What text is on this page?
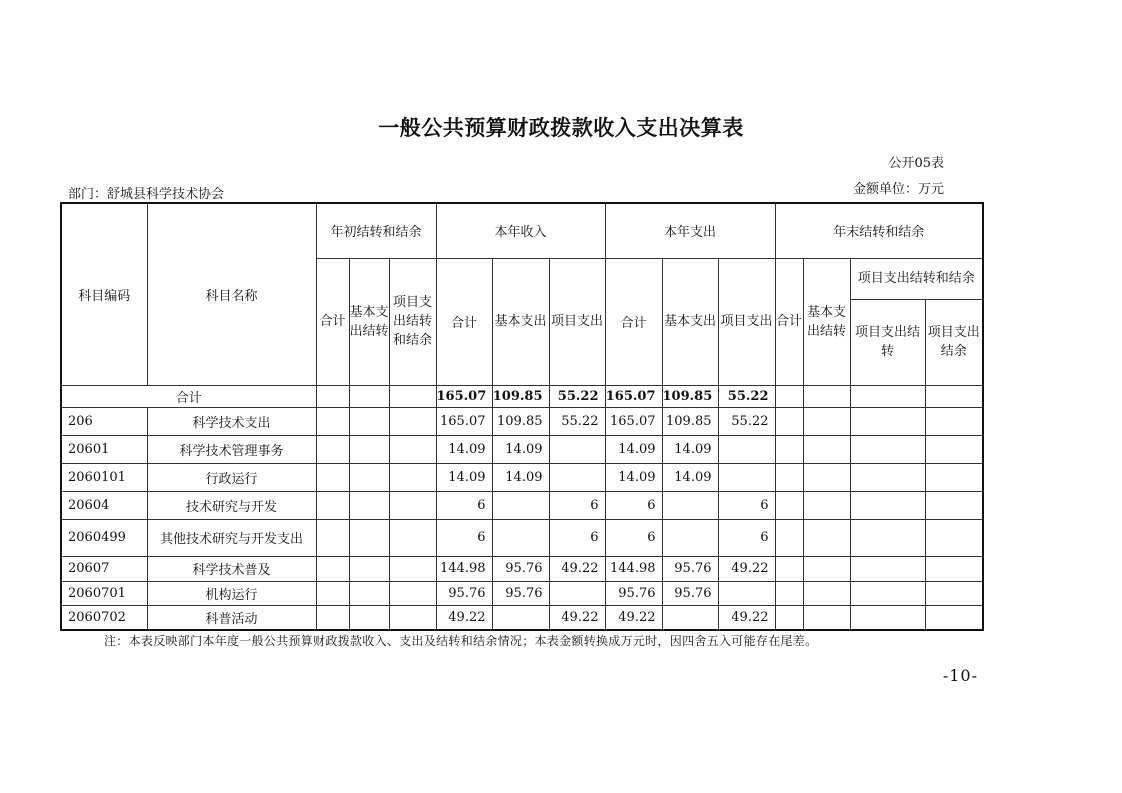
一般公共预算财政拨款收入支出决算表
公开05表
部门：舒城县科学技术协会	金额单位：万元
科目编码	科目名称	年初结转和结余			本年收入			本年支出			年末结转和结余			
		合计	基本支出结转	项目支出结转和结余	合计	基本支出	项目支出	合计	基本支出	项目支出	合计	基本支出结转	项目支出结转和结余	
													项目支出结转	项目支出结余
合计					165.07	109.85	55.22	165.07	109.85	55.22				
206	科学技术支出				165.07	109.85	55.22	165.07	109.85	55.22				
20601	科学技术管理事务				14.09	14.09		14.09	14.09					
2060101	行政运行				14.09	14.09		14.09	14.09					
20604	技术研究与开发				6		6	6		6				
2060499	其他技术研究与开发支出				6		6	6		6				
20607	科学技术普及				144.98	95.76	49.22	144.98	95.76	49.22				
2060701	机构运行				95.76	95.76		95.76	95.76					
2060702	科普活动				49.22		49.22	49.22		49.22				
注：本表反映部门本年度一般公共预算财政拨款收入、支出及结转和结余情况；本表金额转换成万元时，因四舍五入可能存在尾差。
-10-
